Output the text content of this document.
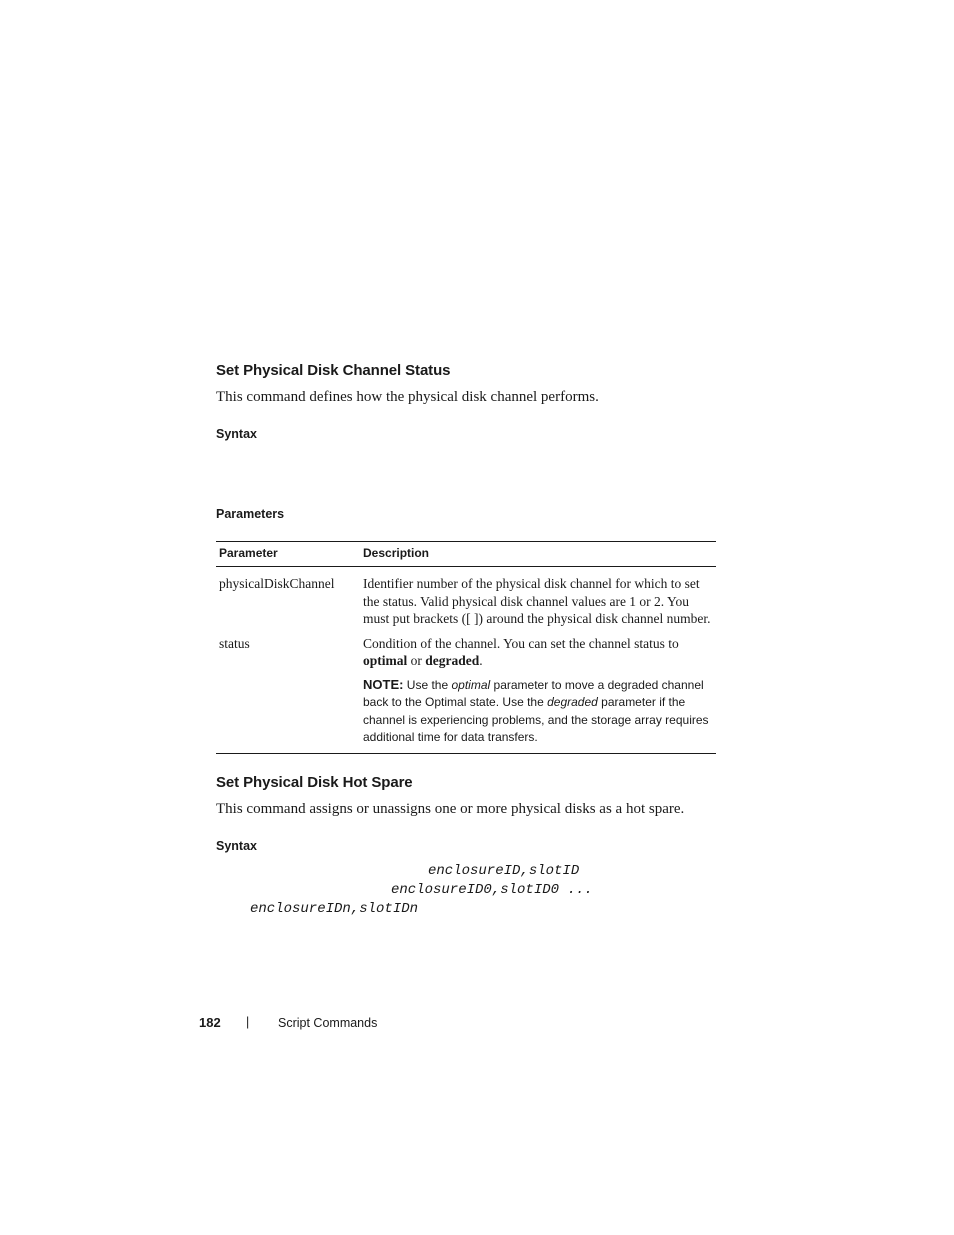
Set Physical Disk Channel Status
This command defines how the physical disk channel performs.
Syntax
Parameters
Parameter	Description
physicalDiskChannel	Identifier number of the physical disk channel for which to set the status. Valid physical disk channel values are 1 or 2. You must put brackets ([ ]) around the physical disk channel number.
status	Condition of the channel. You can set the channel status to optimal or degraded.
NOTE: Use the optimal parameter to move a degraded channel back to the Optimal state. Use the degraded parameter if the channel is experiencing problems, and the storage array requires additional time for data transfers.
Set Physical Disk Hot Spare
This command assigns or unassigns one or more physical disks as a hot spare.
Syntax
enclosureID,slotID
enclosureID0,slotID0 ...
enclosureIDn,slotIDn
182 | Script Commands
